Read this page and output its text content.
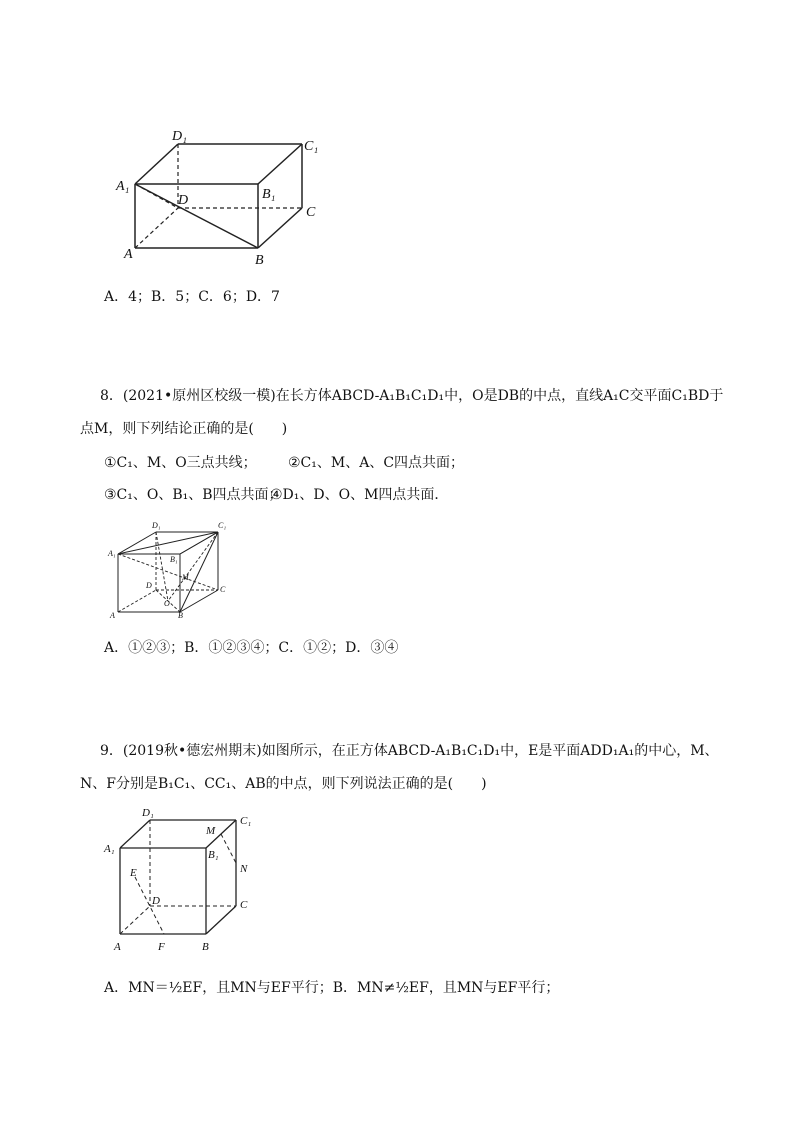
D₁
C₁
A₁
B₁
D
C
A	B
A．4；B．5；C．6；D．7
8．(2021•原州区校级一模)在长方体ABCD-A₁B₁C₁D₁中，O是DB的中点，直线A₁C交平面C₁BD于
点M，则下列结论正确的是(　　)
①C₁、M、O三点共线； ②C₁、M、A、C四点共面；
③C₁、O、B₁、B四点共面；
④D₁、D、O、M四点共面．
D₁	C₁
A₁
B₁
M
D	C
O
A	B
A．①②③；B．①②③④；C．①②；D．③④
9．(2019秋•德宏州期末)如图所示，在正方体ABCD-A₁B₁C₁D₁中，E是平面ADD₁A₁的中心，M、
N、F分别是B₁C₁、CC₁、AB的中点，则下列说法正确的是(　　)
D₁
C₁
M
A₁	B₁
N
E
D	C
A	F	B
A．MN＝½EF，且MN与EF平行；B．MN≠½EF，且MN与EF平行；
